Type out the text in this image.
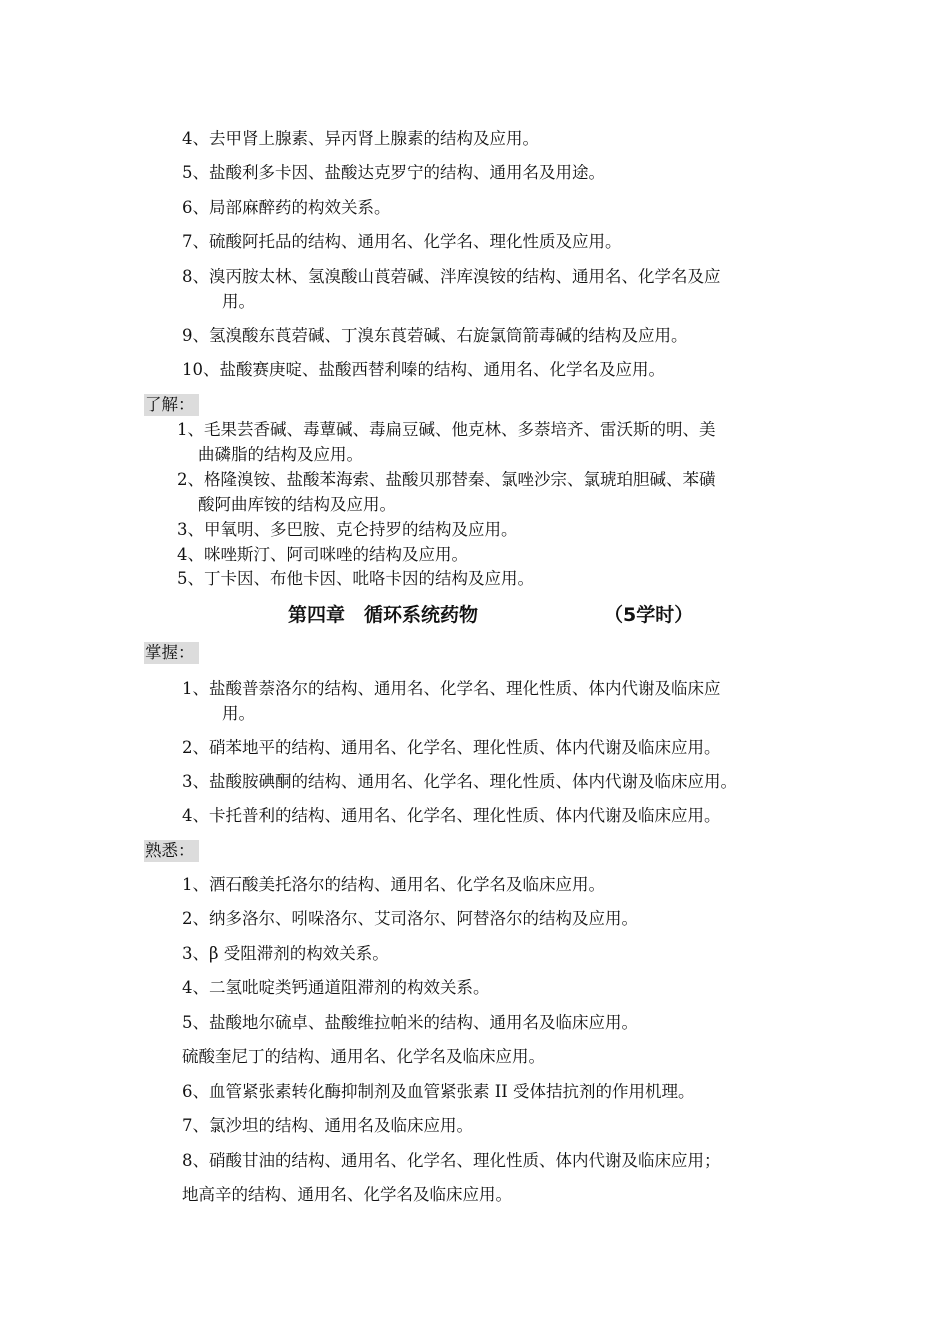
4、去甲肾上腺素、异丙肾上腺素的结构及应用。
5、盐酸利多卡因、盐酸达克罗宁的结构、通用名及用途。
6、局部麻醉药的构效关系。
7、硫酸阿托品的结构、通用名、化学名、理化性质及应用。
8、溴丙胺太林、氢溴酸山莨菪碱、泮库溴铵的结构、通用名、化学名及应
用。
9、氢溴酸东莨菪碱、丁溴东莨菪碱、右旋氯筒箭毒碱的结构及应用。
10、盐酸赛庚啶、盐酸西替利嗪的结构、通用名、化学名及应用。
了解：
1、毛果芸香碱、毒蕈碱、毒扁豆碱、他克林、多萘培齐、雷沃斯的明、美
曲磷脂的结构及应用。
2、格隆溴铵、盐酸苯海索、盐酸贝那替秦、氯唑沙宗、氯琥珀胆碱、苯磺
酸阿曲库铵的结构及应用。
3、甲氧明、多巴胺、克仑持罗的结构及应用。
4、咪唑斯汀、阿司咪唑的结构及应用。
5、丁卡因、布他卡因、吡咯卡因的结构及应用。
第四章　循环系统药物	（5学时）
掌握：
1、盐酸普萘洛尔的结构、通用名、化学名、理化性质、体内代谢及临床应
用。
2、硝苯地平的结构、通用名、化学名、理化性质、体内代谢及临床应用。
3、盐酸胺碘酮的结构、通用名、化学名、理化性质、体内代谢及临床应用。
4、卡托普利的结构、通用名、化学名、理化性质、体内代谢及临床应用。
熟悉：
1、酒石酸美托洛尔的结构、通用名、化学名及临床应用。
2、纳多洛尔、吲哚洛尔、艾司洛尔、阿替洛尔的结构及应用。
3、β 受阻滞剂的构效关系。
4、二氢吡啶类钙通道阻滞剂的构效关系。
5、盐酸地尔硫卓、盐酸维拉帕米的结构、通用名及临床应用。
硫酸奎尼丁的结构、通用名、化学名及临床应用。
6、血管紧张素转化酶抑制剂及血管紧张素 II 受体拮抗剂的作用机理。
7、氯沙坦的结构、通用名及临床应用。
8、硝酸甘油的结构、通用名、化学名、理化性质、体内代谢及临床应用；
地高辛的结构、通用名、化学名及临床应用。
